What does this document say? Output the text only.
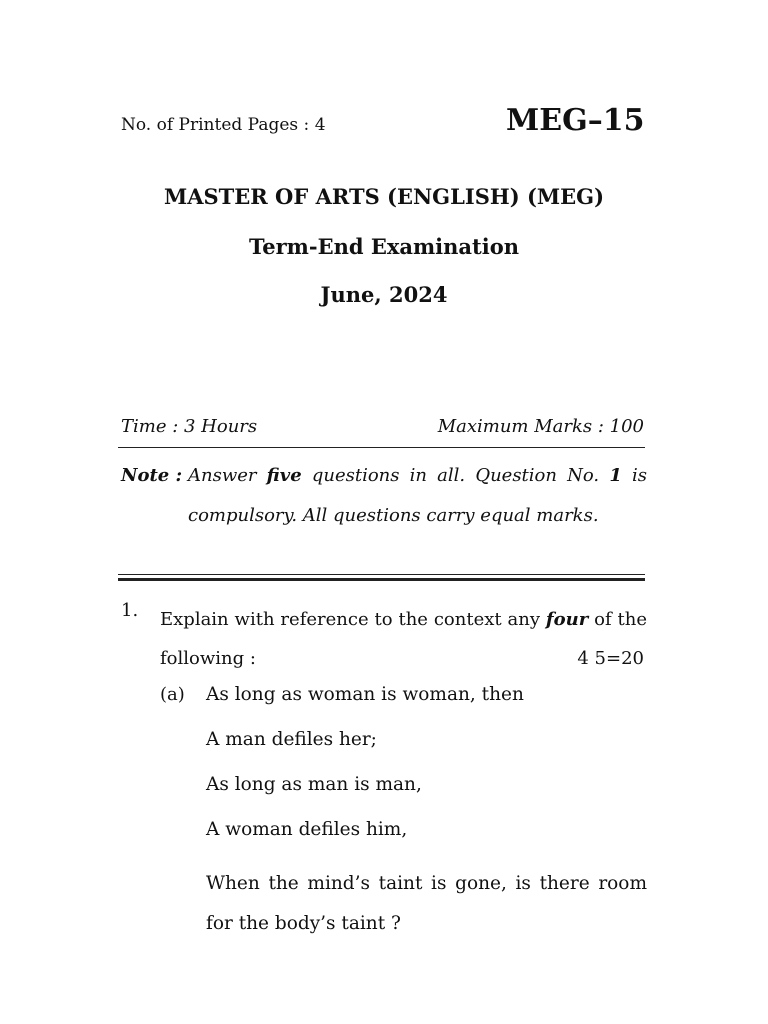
No. of Printed Pages : 4	MEG–15
MASTER OF ARTS (ENGLISH) (MEG)
Term-End Examination
June, 2024
Time : 3 Hours	Maximum Marks : 100
Note : Answer five questions in all. Question No. 1 is compulsory. All questions carry equal marks.
1. Explain with reference to the context any four of the following :	4 5=20
(a) As long as woman is woman, then
A man defiles her;
As long as man is man,
A woman defiles him,
When the mind’s taint is gone, is there room for the body’s taint ?
